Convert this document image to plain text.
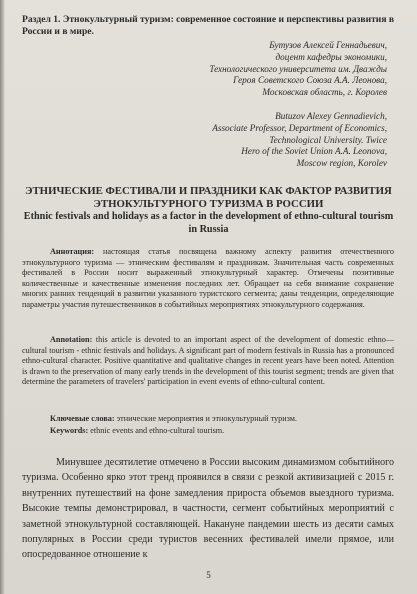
Раздел 1. Этнокультурный туризм: современное состояние и перспективы развития в России и в мире.

Бутузов Алексей Геннадьевич,
доцент кафедры экономики,
Технологического университета им. Дважды
Герoя Советского Союза А.А. Леонова,
Московская область, г. Королев
Butuzov Alexey Gennadievich,
Associate Professor, Department of Economics,
Technological University. Twice
Hero of the Soviet Union A.A. Leonova,
Moscow region, Korolev
ЭТНИЧЕСКИЕ ФЕСТИВАЛИ И ПРАЗДНИКИ КАК ФАКТОР РАЗВИТИЯ ЭТНОКУЛЬТУРНОГО ТУРИЗМА В РОССИИ
Ethnic festivals and holidays as a factor in the development of ethno-cultural tourism in Russia

Аннотация: настоящая статья посвящена важному аспекту развития отечественного этнокультурного туризма — этническим фестивалям и праздникам. Значительная часть современных фестивалей в России носит выраженный этнокультурный характер. Отмечены позитивные количественные и качественные изменения последних лет. Обращает на себя внимание сохранение многих ранних тенденций в развитии указанного туристского сегмента; даны тенденции, определяющие параметры участия путешественников в событийных мероприятиях этнокультурного содержания.

Annotation: this article is devoted to an important aspect of the development of domestic ethno—cultural tourism - ethnic festivals and holidays. A significant part of modern festivals in Russia has a pronounced ethno-cultural character. Positive quantitative and qualitative changes in recent years have been noted. Attention is drawn to the preservation of many early trends in the development of this tourist segment; trends are given that determine the parameters of travelers' participation in event events of ethno-cultural content.

Ключевые слова: этнические мероприятия и этнокультурный туризм.

Keywords: ethnic events and ethno-cultural tourism.

Минувшее десятилетие отмечено в России высоким динамизмом событийного туризма. Особенно ярко этот тренд проявился в связи с резкой активизацией с 2015 г. внутренних путешествий на фоне замедления прироста объемов выездного туризма. Высокие темпы демонстрировал, в частности, сегмент событийных мероприятий с заметной этнокультурной составляющей. Накануне пандемии шесть из десяти самых популярных в России среди туристов весенних фестивалей имели прямое, или опосредованное отношение к

5
